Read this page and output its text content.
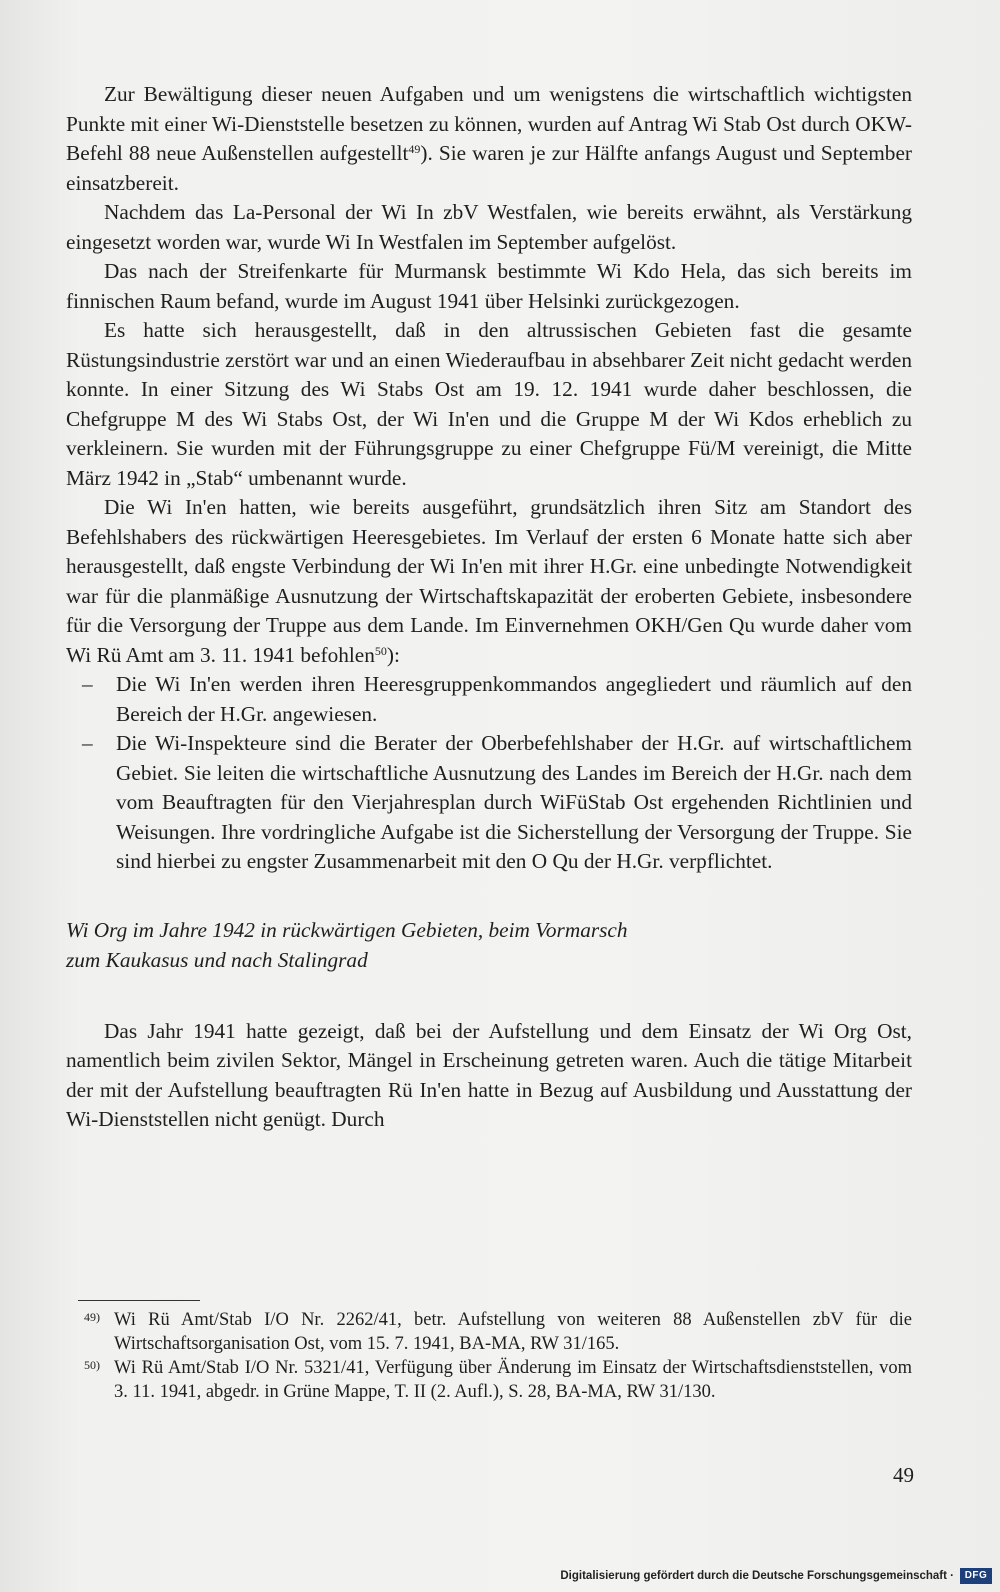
Zur Bewältigung dieser neuen Aufgaben und um wenigstens die wirtschaftlich wichtigsten Punkte mit einer Wi-Dienststelle besetzen zu können, wurden auf Antrag Wi Stab Ost durch OKW-Befehl 88 neue Außenstellen aufgestellt$^{49}$). Sie waren je zur Hälfte anfangs August und September einsatzbereit.

Nachdem das La-Personal der Wi In zbV Westfalen, wie bereits erwähnt, als Verstärkung eingesetzt worden war, wurde Wi In Westfalen im September aufgelöst.

Das nach der Streifenkarte für Murmansk bestimmte Wi Kdo Hela, das sich bereits im finnischen Raum befand, wurde im August 1941 über Helsinki zurückgezogen.

Es hatte sich herausgestellt, daß in den altrussischen Gebieten fast die gesamte Rüstungsindustrie zerstört war und an einen Wiederaufbau in absehbarer Zeit nicht gedacht werden konnte. In einer Sitzung des Wi Stabs Ost am 19. 12. 1941 wurde daher beschlossen, die Chefgruppe M des Wi Stabs Ost, der Wi In'en und die Gruppe M der Wi Kdos erheblich zu verkleinern. Sie wurden mit der Führungsgruppe zu einer Chefgruppe Fü/M vereinigt, die Mitte März 1942 in „Stab“ umbenannt wurde.

Die Wi In'en hatten, wie bereits ausgeführt, grundsätzlich ihren Sitz am Standort des Befehlshabers des rückwärtigen Heeresgebietes. Im Verlauf der ersten 6 Monate hatte sich aber herausgestellt, daß engste Verbindung der Wi In'en mit ihrer H.Gr. eine unbedingte Notwendigkeit war für die planmäßige Ausnutzung der Wirtschaftskapazität der eroberten Gebiete, insbesondere für die Versorgung der Truppe aus dem Lande. Im Einvernehmen OKH/Gen Qu wurde daher vom Wi Rü Amt am 3. 11. 1941 befohlen$^{50}$):

– Die Wi In'en werden ihren Heeresgruppenkommandos angegliedert und räumlich auf den Bereich der H.Gr. angewiesen.
– Die Wi-Inspekteure sind die Berater der Oberbefehlshaber der H.Gr. auf wirtschaftlichem Gebiet. Sie leiten die wirtschaftliche Ausnutzung des Landes im Bereich der H.Gr. nach dem vom Beauftragten für den Vierjahresplan durch WiFüStab Ost ergehenden Richtlinien und Weisungen. Ihre vordringliche Aufgabe ist die Sicherstellung der Versorgung der Truppe. Sie sind hierbei zu engster Zusammenarbeit mit den O Qu der H.Gr. verpflichtet.
Wi Org im Jahre 1942 in rückwärtigen Gebieten, beim Vormarsch
zum Kaukasus und nach Stalingrad

Das Jahr 1941 hatte gezeigt, daß bei der Aufstellung und dem Einsatz der Wi Org Ost, namentlich beim zivilen Sektor, Mängel in Erscheinung getreten waren. Auch die tätige Mitarbeit der mit der Aufstellung beauftragten Rü In'en hatte in Bezug auf Ausbildung und Ausstattung der Wi-Dienststellen nicht genügt. Durch

49) Wi Rü Amt/Stab I/O Nr. 2262/41, betr. Aufstellung von weiteren 88 Außenstellen zbV für die Wirtschaftsorganisation Ost, vom 15. 7. 1941, BA-MA, RW 31/165.
50) Wi Rü Amt/Stab I/O Nr. 5321/41, Verfügung über Änderung im Einsatz der Wirtschaftsdienststellen, vom 3. 11. 1941, abgedr. in Grüne Mappe, T. II (2. Aufl.), S. 28, BA-MA, RW 31/130.
49
Digitalisierung gefördert durch die Deutsche Forschungsgemeinschaft ·	DFG
